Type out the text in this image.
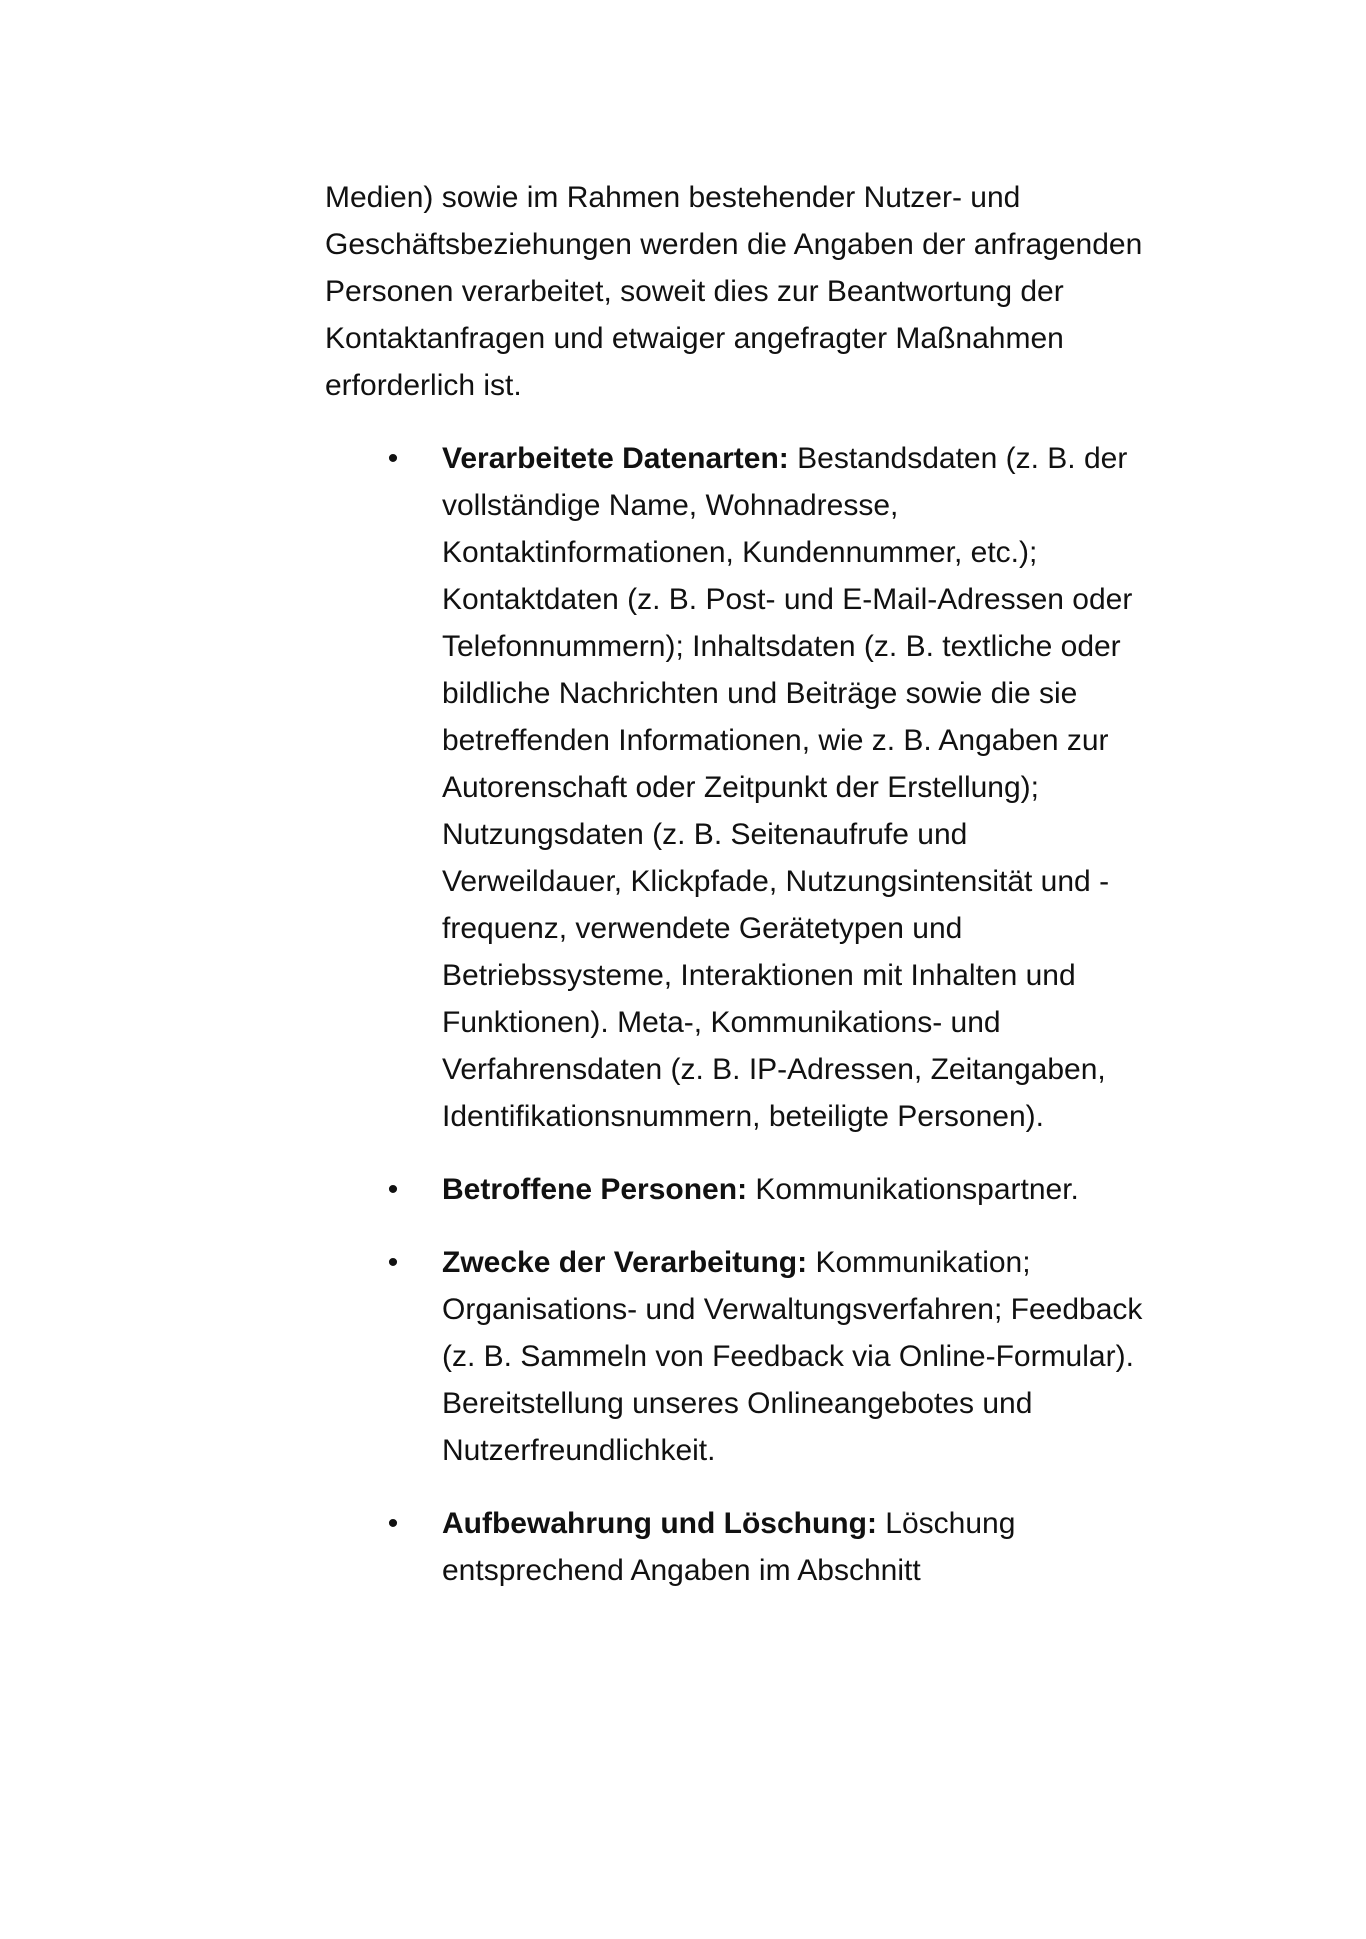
Medien) sowie im Rahmen bestehender Nutzer- und Geschäftsbeziehungen werden die Angaben der anfragenden Personen verarbeitet, soweit dies zur Beantwortung der Kontaktanfragen und etwaiger angefragter Maßnahmen erforderlich ist.

• Verarbeitete Datenarten: Bestandsdaten (z. B. der vollständige Name, Wohnadresse, Kontaktinformationen, Kundennummer, etc.); Kontaktdaten (z. B. Post- und E-Mail-Adressen oder Telefonnummern); Inhaltsdaten (z. B. textliche oder bildliche Nachrichten und Beiträge sowie die sie betreffenden Informationen, wie z. B. Angaben zur Autorenschaft oder Zeitpunkt der Erstellung); Nutzungsdaten (z. B. Seitenaufrufe und Verweildauer, Klickpfade, Nutzungsintensität und -frequenz, verwendete Gerätetypen und Betriebssysteme, Interaktionen mit Inhalten und Funktionen). Meta-, Kommunikations- und Verfahrensdaten (z. B. IP-Adressen, Zeitangaben, Identifikationsnummern, beteiligte Personen).
• Betroffene Personen: Kommunikationspartner.
• Zwecke der Verarbeitung: Kommunikation; Organisations- und Verwaltungsverfahren; Feedback (z. B. Sammeln von Feedback via Online-Formular). Bereitstellung unseres Onlineangebotes und Nutzerfreundlichkeit.
• Aufbewahrung und Löschung: Löschung entsprechend Angaben im Abschnitt
